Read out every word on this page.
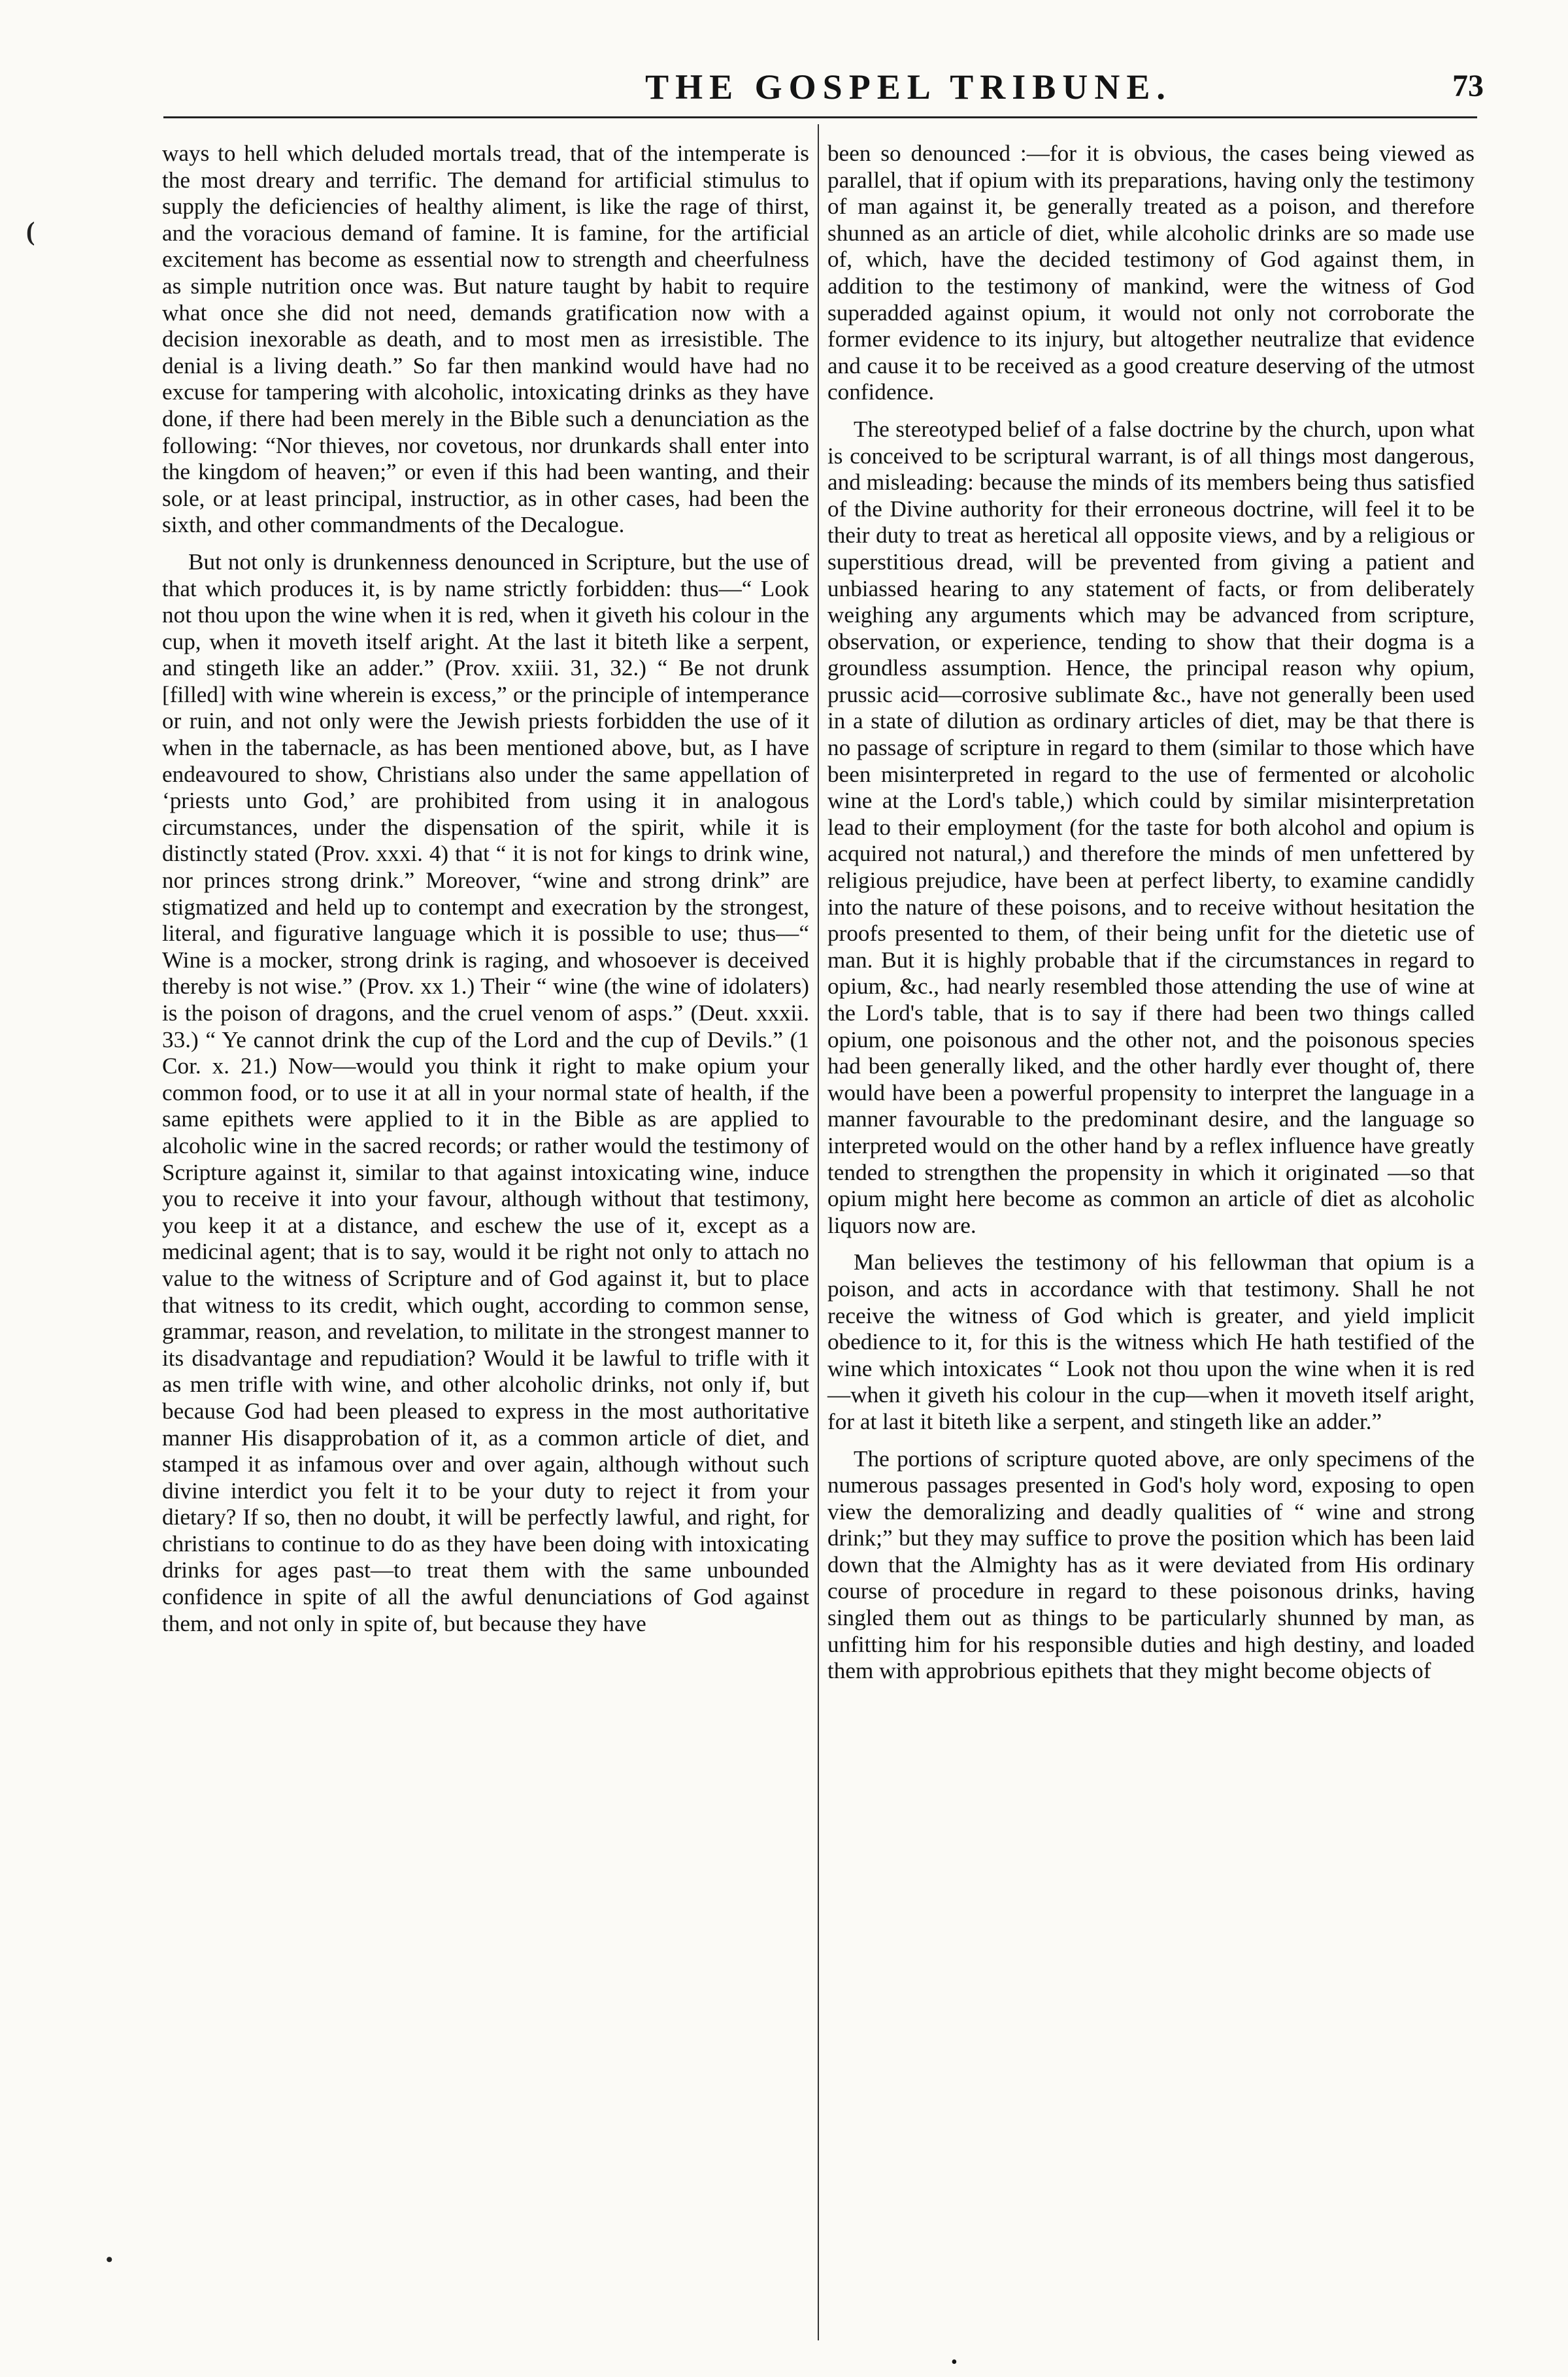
THE GOSPEL TRIBUNE.	73
(
•

ways to hell which deluded mortals tread, that of the intemperate is the most dreary and terrific. The demand for artificial stimulus to supply the deficiencies of healthy aliment, is like the rage of thirst, and the voracious demand of famine. It is famine, for the artificial excitement has become as essential now to strength and cheerfulness as simple nutrition once was. But nature taught by habit to require what once she did not need, demands gratification now with a decision inexorable as death, and to most men as irresistible. The denial is a living death.” So far then mankind would have had no excuse for tampering with alcoholic, intoxicating drinks as they have done, if there had been merely in the Bible such a denunciation as the following: “Nor thieves, nor covetous, nor drunkards shall enter into the kingdom of heaven;” or even if this had been wanting, and their sole, or at least principal, instructior, as in other cases, had been the sixth, and other commandments of the Decalogue.

But not only is drunkenness denounced in Scripture, but the use of that which produces it, is by name strictly forbidden: thus—“ Look not thou upon the wine when it is red, when it giveth his colour in the cup, when it moveth itself aright. At the last it biteth like a serpent, and stingeth like an adder.” (Prov. xxiii. 31, 32.) “ Be not drunk [filled] with wine wherein is excess,” or the principle of intemperance or ruin, and not only were the Jewish priests forbidden the use of it when in the tabernacle, as has been mentioned above, but, as I have endeavoured to show, Christians also under the same appellation of ‘priests unto God,’ are prohibited from using it in analogous circumstances, under the dispensation of the spirit, while it is distinctly stated (Prov. xxxi. 4) that “ it is not for kings to drink wine, nor princes strong drink.” Moreover, “wine and strong drink” are stigmatized and held up to contempt and execration by the strongest, literal, and figurative language which it is possible to use; thus—“ Wine is a mocker, strong drink is raging, and whosoever is deceived thereby is not wise.” (Prov. xx 1.) Their “ wine (the wine of idolaters) is the poison of dragons, and the cruel venom of asps.” (Deut. xxxii. 33.) “ Ye cannot drink the cup of the Lord and the cup of Devils.” (1 Cor. x. 21.) Now—would you think it right to make opium your common food, or to use it at all in your normal state of health, if the same epithets were applied to it in the Bible as are applied to alcoholic wine in the sacred records; or rather would the testimony of Scripture against it, similar to that against intoxicating wine, induce you to receive it into your favour, although without that testimony, you keep it at a distance, and eschew the use of it, except as a medicinal agent; that is to say, would it be right not only to attach no value to the witness of Scripture and of God against it, but to place that witness to its credit, which ought, according to common sense, grammar, reason, and revelation, to militate in the strongest manner to its disadvantage and repudiation? Would it be lawful to trifle with it as men trifle with wine, and other alcoholic drinks, not only if, but because God had been pleased to express in the most authoritative manner His disapprobation of it, as a common article of diet, and stamped it as infamous over and over again, although without such divine interdict you felt it to be your duty to reject it from your dietary? If so, then no doubt, it will be perfectly lawful, and right, for christians to continue to do as they have been doing with intoxicating drinks for ages past—to treat them with the same unbounded confidence in spite of all the awful denunciations of God against them, and not only in spite of, but because they have

been so denounced :—for it is obvious, the cases being viewed as parallel, that if opium with its preparations, having only the testimony of man against it, be generally treated as a poison, and therefore shunned as an article of diet, while alcoholic drinks are so made use of, which, have the decided testimony of God against them, in addition to the testimony of mankind, were the witness of God superadded against opium, it would not only not corroborate the former evidence to its injury, but altogether neutralize that evidence and cause it to be received as a good creature deserving of the utmost confidence.

The stereotyped belief of a false doctrine by the church, upon what is conceived to be scriptural warrant, is of all things most dangerous, and misleading: because the minds of its members being thus satisfied of the Divine authority for their erroneous doctrine, will feel it to be their duty to treat as heretical all opposite views, and by a religious or superstitious dread, will be prevented from giving a patient and unbiassed hearing to any statement of facts, or from deliberately weighing any arguments which may be advanced from scripture, observation, or experience, tending to show that their dogma is a groundless assumption. Hence, the principal reason why opium, prussic acid—corrosive sublimate &c., have not generally been used in a state of dilution as ordinary articles of diet, may be that there is no passage of scripture in regard to them (similar to those which have been misinterpreted in regard to the use of fermented or alcoholic wine at the Lord's table,) which could by similar misinterpretation lead to their employment (for the taste for both alcohol and opium is acquired not natural,) and therefore the minds of men unfettered by religious prejudice, have been at perfect liberty, to examine candidly into the nature of these poisons, and to receive without hesitation the proofs presented to them, of their being unfit for the dietetic use of man. But it is highly probable that if the circumstances in regard to opium, &c., had nearly resembled those attending the use of wine at the Lord's table, that is to say if there had been two things called opium, one poisonous and the other not, and the poisonous species had been generally liked, and the other hardly ever thought of, there would have been a powerful propensity to interpret the language in a manner favourable to the predominant desire, and the language so interpreted would on the other hand by a reflex influence have greatly tended to strengthen the propensity in which it originated —so that opium might here become as common an article of diet as alcoholic liquors now are.

Man believes the testimony of his fellowman that opium is a poison, and acts in accordance with that testimony. Shall he not receive the witness of God which is greater, and yield implicit obedience to it, for this is the witness which He hath testified of the wine which intoxicates “ Look not thou upon the wine when it is red—when it giveth his colour in the cup—when it moveth itself aright, for at last it biteth like a serpent, and stingeth like an adder.”

The portions of scripture quoted above, are only specimens of the numerous passages presented in God's holy word, exposing to open view the demoralizing and deadly qualities of “ wine and strong drink;” but they may suffice to prove the position which has been laid down that the Almighty has as it were deviated from His ordinary course of procedure in regard to these poisonous drinks, having singled them out as things to be particularly shunned by man, as unfitting him for his responsible duties and high destiny, and loaded them with approbrious epithets that they might become objects of

•
